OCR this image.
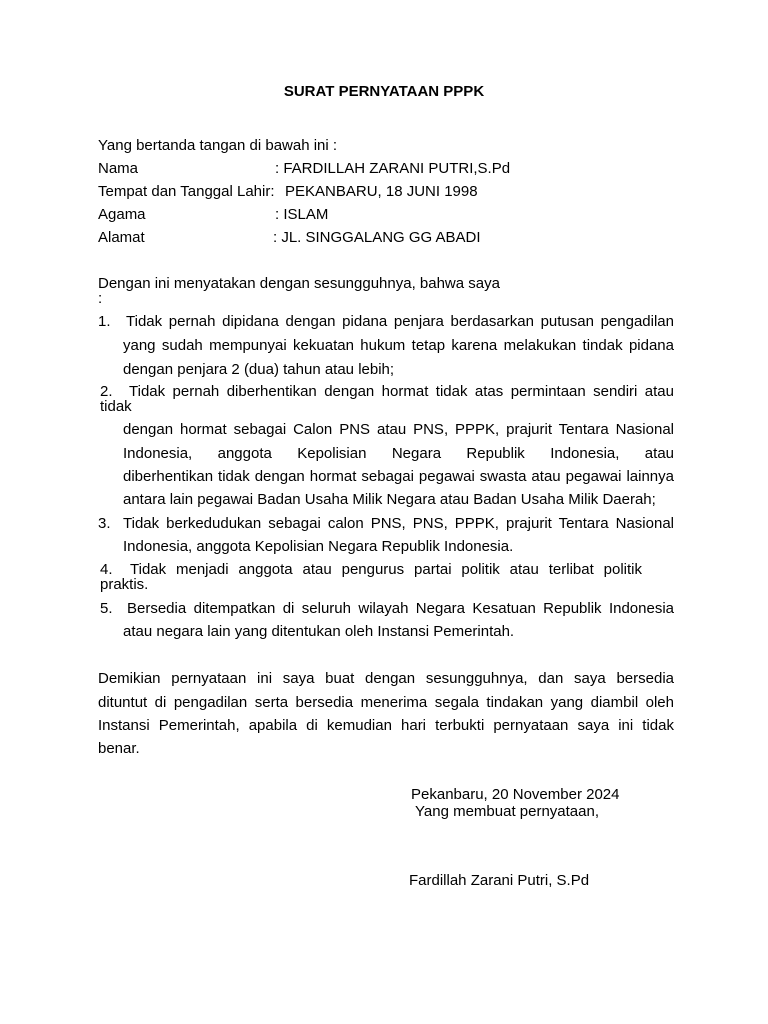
SURAT PERNYATAAN PPPK
Yang bertanda tangan di bawah ini :
Nama	: FARDILLAH ZARANI PUTRI,S.Pd
Tempat dan Tanggal Lahir: PEKANBARU, 18 JUNI 1998
Agama	: ISLAM
Alamat	: JL. SINGGALANG GG ABADI
Dengan ini menyatakan dengan sesungguhnya, bahwa saya
:
1. Tidak pernah dipidana dengan pidana penjara berdasarkan putusan pengadilan
yang sudah mempunyai kekuatan hukum tetap karena melakukan tindak pidana
dengan penjara 2 (dua) tahun atau lebih;
2. Tidak pernah diberhentikan dengan hormat tidak atas permintaan sendiri atau
tidak
dengan hormat sebagai Calon PNS atau PNS, PPPK, prajurit Tentara Nasional
Indonesia, anggota Kepolisian Negara Republik Indonesia, atau
diberhentikan tidak dengan hormat sebagai pegawai swasta atau pegawai lainnya
antara lain pegawai Badan Usaha Milik Negara atau Badan Usaha Milik Daerah;
3. Tidak berkedudukan sebagai calon PNS, PNS, PPPK, prajurit Tentara Nasional
Indonesia, anggota Kepolisian Negara Republik Indonesia.
4. Tidak menjadi anggota atau pengurus partai politik atau terlibat politik
praktis.
5. Bersedia ditempatkan di seluruh wilayah Negara Kesatuan Republik Indonesia
atau negara lain yang ditentukan oleh Instansi Pemerintah.
Demikian pernyataan ini saya buat dengan sesungguhnya, dan saya bersedia
dituntut di pengadilan serta bersedia menerima segala tindakan yang diambil oleh
Instansi Pemerintah, apabila di kemudian hari terbukti pernyataan saya ini tidak
benar.
Pekanbaru, 20 November 2024
Yang membuat pernyataan,
Fardillah Zarani Putri, S.Pd
